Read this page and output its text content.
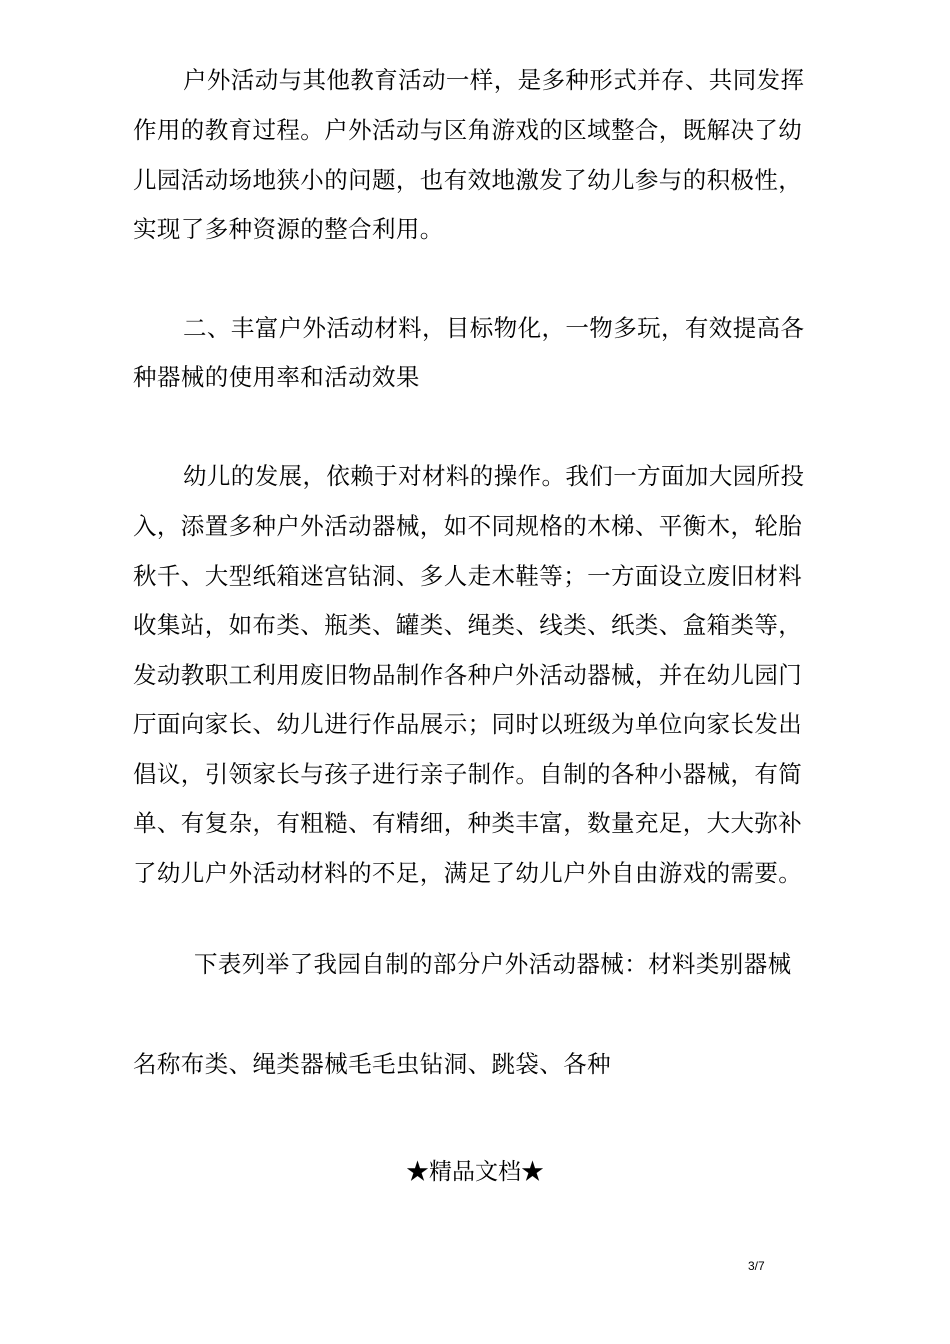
户外活动与其他教育活动一样，是多种形式并存、共同发挥
作用的教育过程。户外活动与区角游戏的区域整合，既解决了幼
儿园活动场地狭小的问题，也有效地激发了幼儿参与的积极性，
实现了多种资源的整合利用。
二、丰富户外活动材料，目标物化，一物多玩，有效提高各
种器械的使用率和活动效果
幼儿的发展，依赖于对材料的操作。我们一方面加大园所投
入，添置多种户外活动器械，如不同规格的木梯、平衡木，轮胎
秋千、大型纸箱迷宫钻洞、多人走木鞋等；一方面设立废旧材料
收集站，如布类、瓶类、罐类、绳类、线类、纸类、盒箱类等，
发动教职工利用废旧物品制作各种户外活动器械，并在幼儿园门
厅面向家长、幼儿进行作品展示；同时以班级为单位向家长发出
倡议，引领家长与孩子进行亲子制作。自制的各种小器械，有简
单、有复杂，有粗糙、有精细，种类丰富，数量充足，大大弥补
了幼儿户外活动材料的不足，满足了幼儿户外自由游戏的需要。
下表列举了我园自制的部分户外活动器械：材料类别器械
名称布类、绳类器械毛毛虫钻洞、跳袋、各种
★精品文档★
3/7
